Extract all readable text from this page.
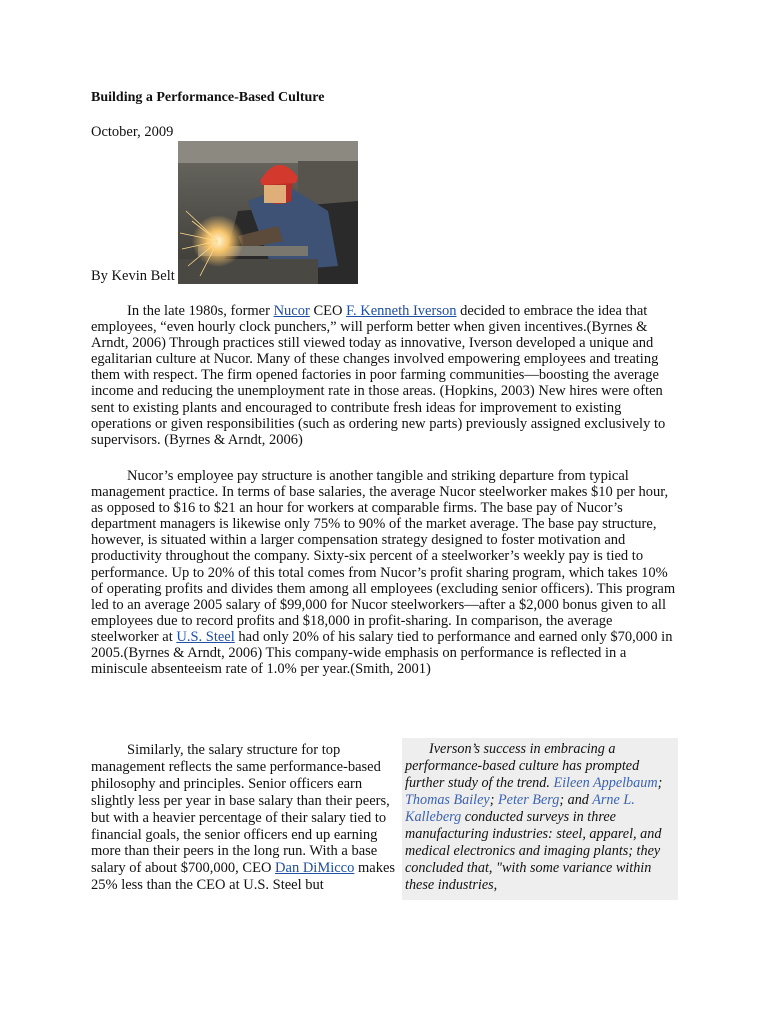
Building a Performance-Based Culture
October, 2009
By Kevin Belt
In the late 1980s, former Nucor CEO F. Kenneth Iverson decided to embrace the idea that employees, “even hourly clock punchers,” will perform better when given incentives.(Byrnes & Arndt, 2006) Through practices still viewed today as innovative, Iverson developed a unique and egalitarian culture at Nucor. Many of these changes involved empowering employees and treating them with respect. The firm opened factories in poor farming communities—boosting the average income and reducing the unemployment rate in those areas. (Hopkins, 2003) New hires were often sent to existing plants and encouraged to contribute fresh ideas for improvement to existing operations or given responsibilities (such as ordering new parts) previously assigned exclusively to supervisors. (Byrnes & Arndt, 2006)
Nucor’s employee pay structure is another tangible and striking departure from typical management practice. In terms of base salaries, the average Nucor steelworker makes $10 per hour, as opposed to $16 to $21 an hour for workers at comparable firms. The base pay of Nucor’s department managers is likewise only 75% to 90% of the market average. The base pay structure, however, is situated within a larger compensation strategy designed to foster motivation and productivity throughout the company. Sixty-six percent of a steelworker’s weekly pay is tied to performance. Up to 20% of this total comes from Nucor’s profit sharing program, which takes 10% of operating profits and divides them among all employees (excluding senior officers). This program led to an average 2005 salary of $99,000 for Nucor steelworkers—after a $2,000 bonus given to all employees due to record profits and $18,000 in profit-sharing. In comparison, the average steelworker at U.S. Steel had only 20% of his salary tied to performance and earned only $70,000 in 2005.(Byrnes & Arndt, 2006) This company-wide emphasis on performance is reflected in a miniscule absenteeism rate of 1.0% per year.(Smith, 2001)
Similarly, the salary structure for top management reflects the same performance-based philosophy and principles. Senior officers earn slightly less per year in base salary than their peers, but with a heavier percentage of their salary tied to financial goals, the senior officers end up earning more than their peers in the long run. With a base salary of about $700,000, CEO Dan DiMicco makes 25% less than the CEO at U.S. Steel but
Iverson’s success in embracing a performance-based culture has prompted further study of the trend. Eileen Appelbaum; Thomas Bailey; Peter Berg; and Arne L. Kalleberg conducted surveys in three manufacturing industries: steel, apparel, and medical electronics and imaging plants; they concluded that, "with some variance within these industries,
